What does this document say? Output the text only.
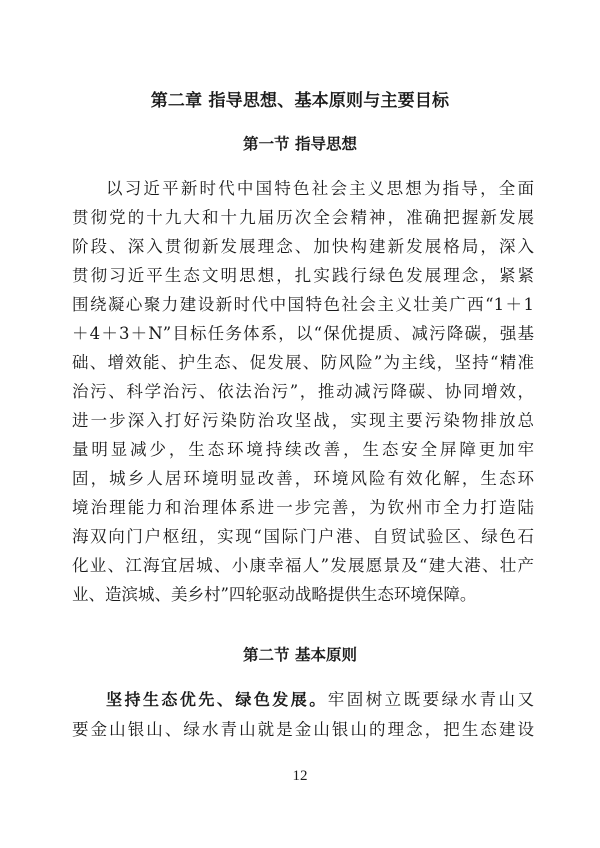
第二章 指导思想、基本原则与主要目标
第一节 指导思想
以习近平新时代中国特色社会主义思想为指导，全面
贯彻党的十九大和十九届历次全会精神，准确把握新发展
阶段、深入贯彻新发展理念、加快构建新发展格局，深入
贯彻习近平生态文明思想，扎实践行绿色发展理念，紧紧
围绕凝心聚力建设新时代中国特色社会主义壮美广西“1＋1
＋4＋3＋N”目标任务体系，以“保优提质、减污降碳，强基
础、增效能、护生态、促发展、防风险”为主线，坚持“精准
治污、科学治污、依法治污”，推动减污降碳、协同增效，
进一步深入打好污染防治攻坚战，实现主要污染物排放总
量明显减少，生态环境持续改善，生态安全屏障更加牢
固，城乡人居环境明显改善，环境风险有效化解，生态环
境治理能力和治理体系进一步完善，为钦州市全力打造陆
海双向门户枢纽，实现“国际门户港、自贸试验区、绿色石
化业、江海宜居城、小康幸福人”发展愿景及“建大港、壮产
业、造滨城、美乡村”四轮驱动战略提供生态环境保障。
第二节 基本原则
坚持生态优先、绿色发展。牢固树立既要绿水青山又
要金山银山、绿水青山就是金山银山的理念，把生态建设
12
